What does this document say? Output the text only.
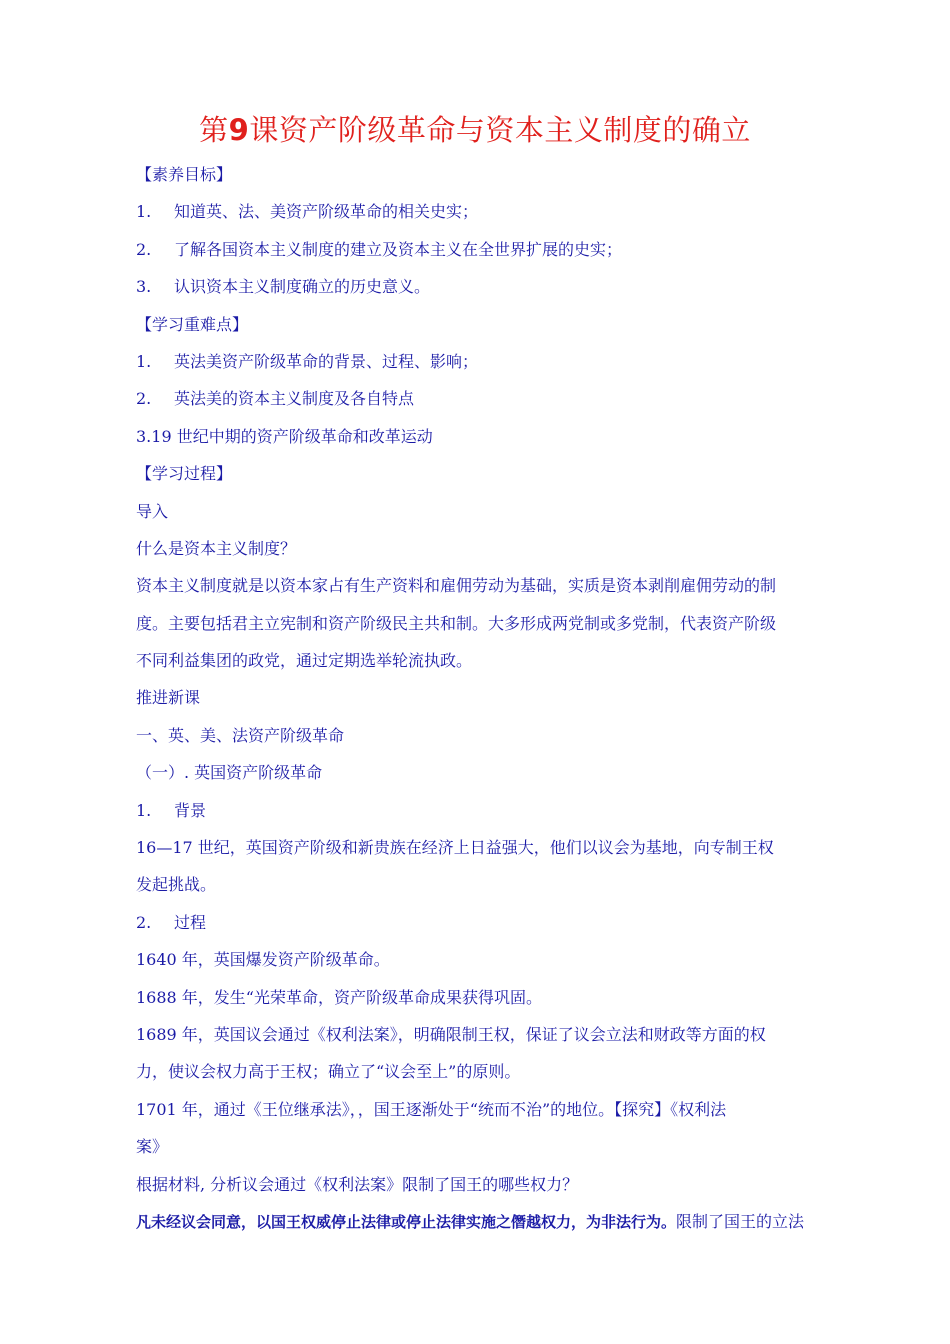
第9课资产阶级革命与资本主义制度的确立
【素养目标】
1. 知道英、法、美资产阶级革命的相关史实；
2. 了解各国资本主义制度的建立及资本主义在全世界扩展的史实；
3. 认识资本主义制度确立的历史意义。
【学习重难点】
1. 英法美资产阶级革命的背景、过程、影响；
2. 英法美的资本主义制度及各自特点
3.19 世纪中期的资产阶级革命和改革运动
【学习过程】
导入
什么是资本主义制度？
资本主义制度就是以资本家占有生产资料和雇佣劳动为基础，实质是资本剥削雇佣劳动的制
度。主要包括君主立宪制和资产阶级民主共和制。大多形成两党制或多党制，代表资产阶级
不同利益集团的政党，通过定期选举轮流执政。
推进新课
一、英、美、法资产阶级革命
（一）. 英国资产阶级革命
1. 背景
16—17 世纪，英国资产阶级和新贵族在经济上日益强大，他们以议会为基地，向专制王权
发起挑战。
2. 过程
1640 年，英国爆发资产阶级革命。
1688 年，发生“光荣革命，资产阶级革命成果获得巩固。
1689 年，英国议会通过《权利法案》，明确限制王权，保证了议会立法和财政等方面的权
力，使议会权力高于王权；确立了“议会至上”的原则。
1701 年，通过《王位继承法》，，国王逐渐处于“统而不治”的地位。【探究】《权利法
案》
根据材料, 分析议会通过《权利法案》限制了国王的哪些权力？
凡未经议会同意，以国王权威停止法律或停止法律实施之僭越权力，为非法行为。限制了国王的立法
